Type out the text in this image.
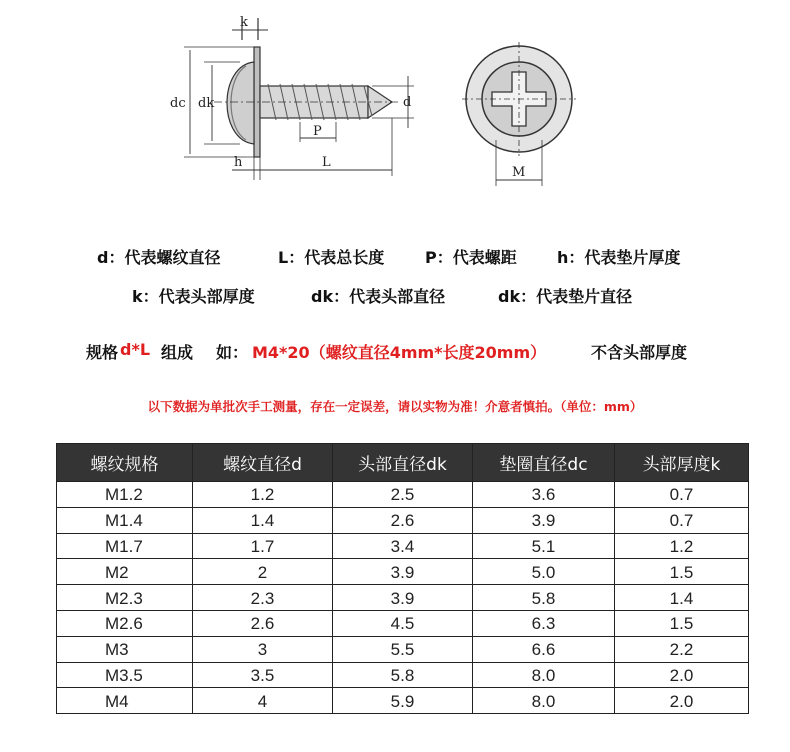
k
dc dk	d
P
h	L
M

d：代表螺纹直径

	L：代表总长度

	P：代表螺距

	h：代表垫片厚度

k：代表头部厚度

	dk：代表头部直径

	dk：代表垫片直径

规格 d*L 组成 如： M4*20（螺纹直径4mm*长度20mm）	不含头部厚度
以下数据为单批次手工测量，存在一定误差，请以实物为准！介意者慎拍。（单位：mm）
螺纹规格	螺纹直径d	头部直径dk	垫圈直径dc	头部厚度k
M1.2	1.2	2.5	3.6	0.7
M1.4	1.4	2.6	3.9	0.7
M1.7	1.7	3.4	5.1	1.2
M2	2	3.9	5.0	1.5
M2.3	2.3	3.9	5.8	1.4
M2.6	2.6	4.5	6.3	1.5
M3	3	5.5	6.6	2.2
M3.5	3.5	5.8	8.0	2.0
M4	4	5.9	8.0	2.0
